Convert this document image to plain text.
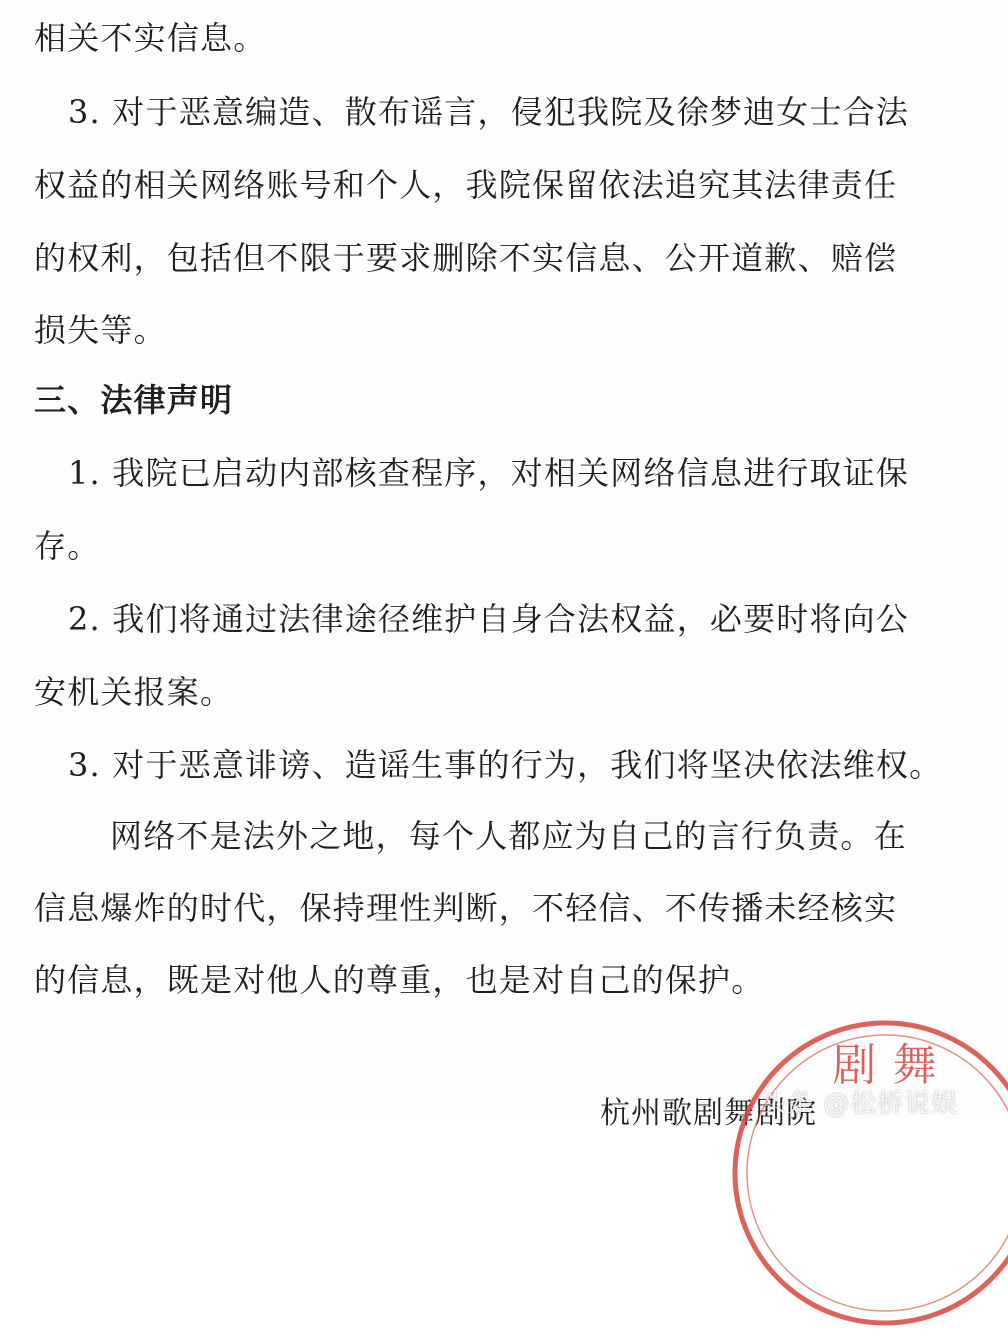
相关不实信息。
3. 对于恶意编造、散布谣言，侵犯我院及徐梦迪女士合法
权益的相关网络账号和个人，我院保留依法追究其法律责任
的权利，包括但不限于要求删除不实信息、公开道歉、赔偿
损失等。
三、法律声明
1. 我院已启动内部核查程序，对相关网络信息进行取证保
存。
2. 我们将通过法律途径维护自身合法权益，必要时将向公
安机关报案。
3. 对于恶意诽谤、造谣生事的行为，我们将坚决依法维权。
网络不是法外之地，每个人都应为自己的言行负责。在
信息爆炸的时代，保持理性判断，不轻信、不传播未经核实
的信息，既是对他人的尊重，也是对自己的保护。
杭州歌剧舞剧院
剧 舞
头条 @松桥说娱
